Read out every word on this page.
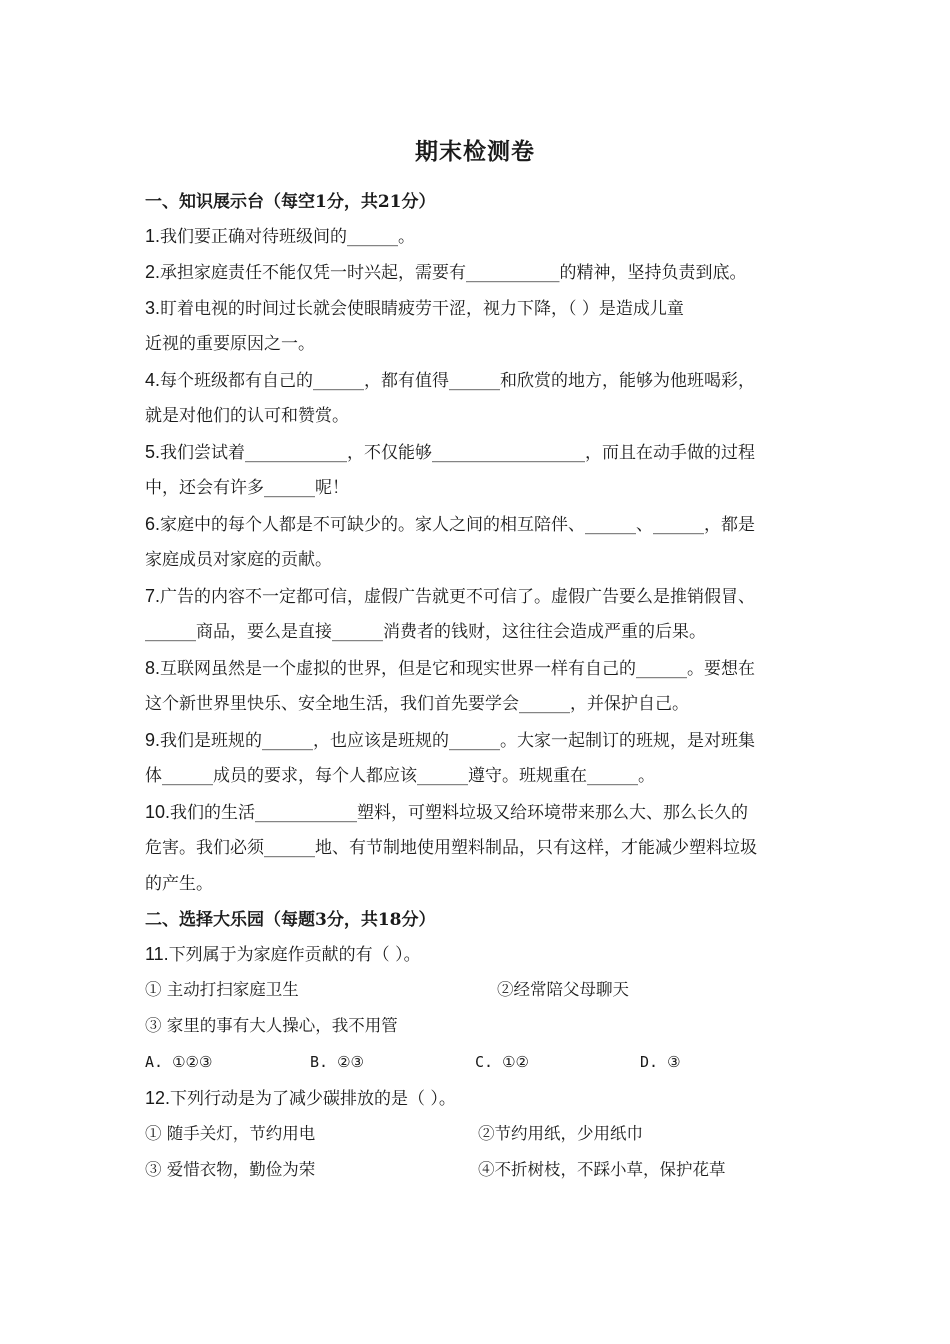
期末检测卷
一、知识展示台（每空1分，共21分）
1.我们要正确对待班级间的______。
2.承担家庭责任不能仅凭一时兴起，需要有___________的精神，坚持负责到底。
3.盯着电视的时间过长就会使眼睛疲劳干涩，视力下降，（ ）是造成儿童
近视的重要原因之一。
4.每个班级都有自己的______，都有值得______和欣赏的地方，能够为他班喝彩，
就是对他们的认可和赞赏。
5.我们尝试着____________，不仅能够__________________，而且在动手做的过程
中，还会有许多______呢！
6.家庭中的每个人都是不可缺少的。家人之间的相互陪伴、______、______，都是
家庭成员对家庭的贡献。
7.广告的内容不一定都可信，虚假广告就更不可信了。虚假广告要么是推销假冒、
______商品，要么是直接______消费者的钱财，这往往会造成严重的后果。
8.互联网虽然是一个虚拟的世界，但是它和现实世界一样有自己的______。要想在
这个新世界里快乐、安全地生活，我们首先要学会______，并保护自己。
9.我们是班规的______，也应该是班规的______。大家一起制订的班规，是对班集
体______成员的要求，每个人都应该______遵守。班规重在______。
10.我们的生活____________塑料，可塑料垃圾又给环境带来那么大、那么长久的
危害。我们必须______地、有节制地使用塑料制品，只有这样，才能减少塑料垃圾
的产生。
二、选择大乐园（每题3分，共18分）
11.下列属于为家庭作贡献的有（ ）。
① 主动打扫家庭卫生	②经常陪父母聊天
③ 家里的事有大人操心，我不用管
A. ①②③	B. ②③	C. ①②	D. ③
12.下列行动是为了减少碳排放的是（ ）。
① 随手关灯，节约用电	②节约用纸，少用纸巾
③ 爱惜衣物，勤俭为荣	④不折树枝，不踩小草，保护花草
